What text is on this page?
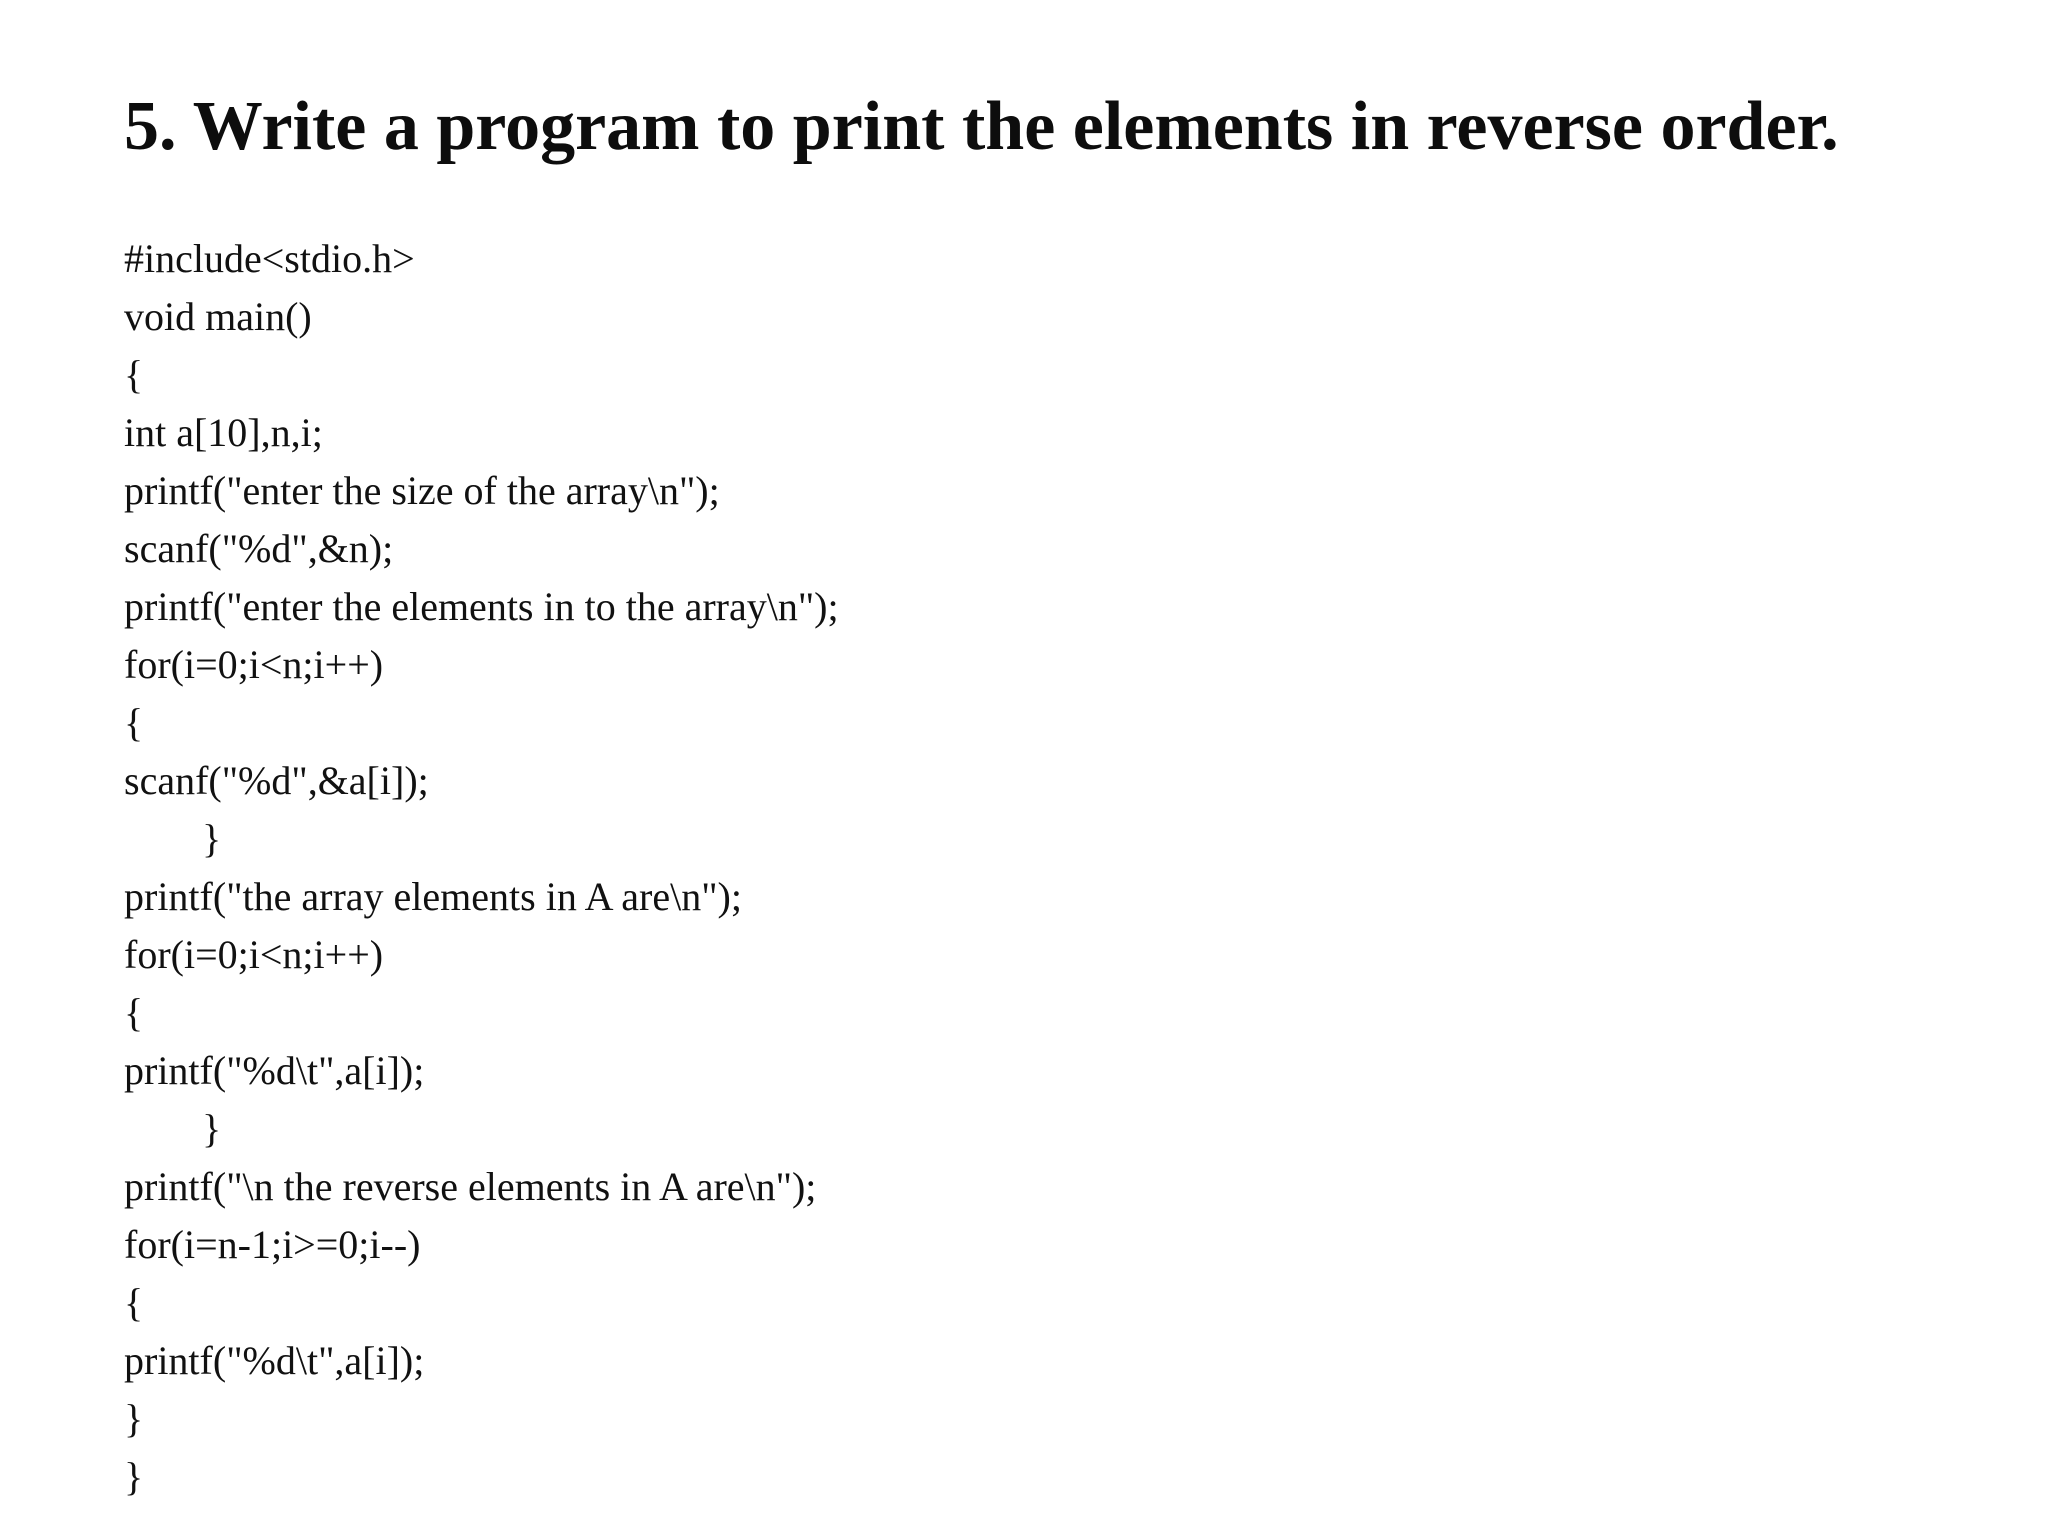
5. Write a program to print the elements in reverse order.
#include<stdio.h>
void main()
{
int a[10],n,i;
printf("enter the size of the array\n");
scanf("%d",&n);
printf("enter the elements in to the array\n");
for(i=0;i<n;i++)
{
scanf("%d",&a[i]);
}
printf("the array elements in A are\n");
for(i=0;i<n;i++)
{
printf("%d\t",a[i]);
}
printf("\n the reverse elements in A are\n");
for(i=n-1;i>=0;i--)
{
printf("%d\t",a[i]);
}
}
